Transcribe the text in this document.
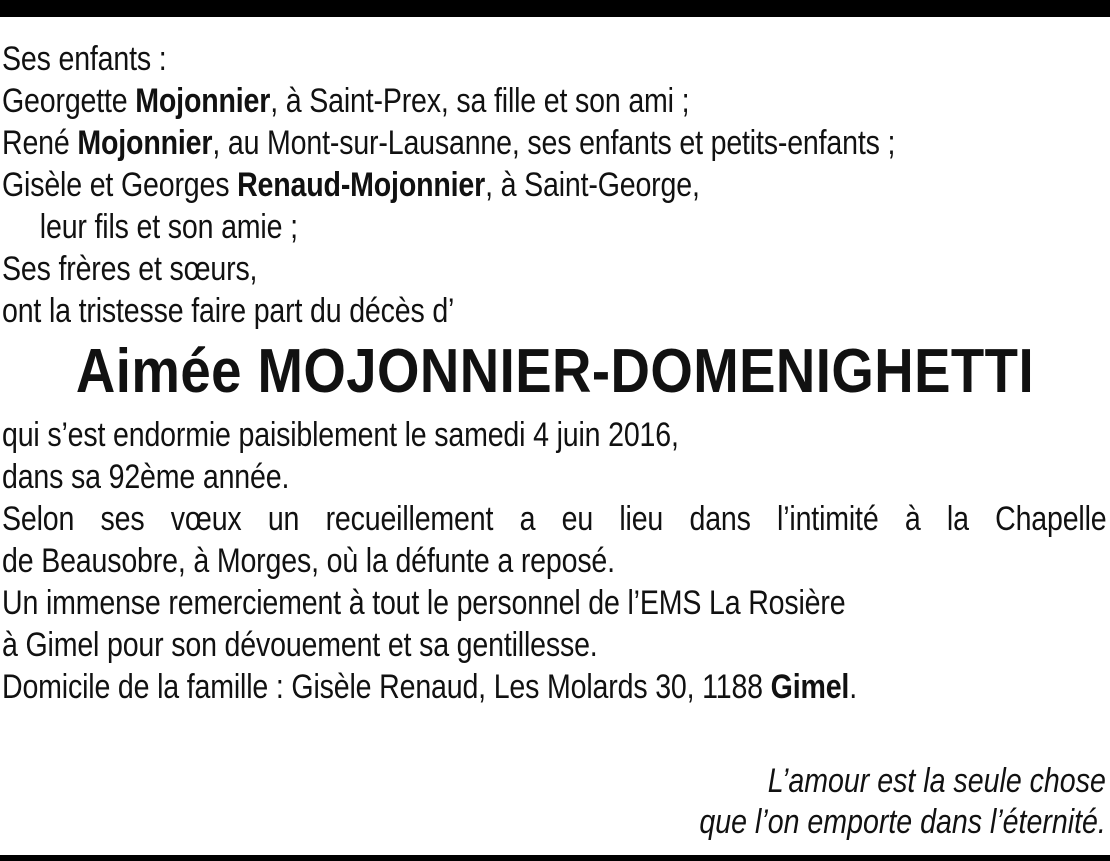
Ses enfants :
Georgette Mojonnier, à Saint-Prex, sa fille et son ami ;
René Mojonnier, au Mont-sur-Lausanne, ses enfants et petits-enfants ;
Gisèle et Georges Renaud-Mojonnier, à Saint-George,
leur fils et son amie ;
Ses frères et sœurs,
ont la tristesse faire part du décès d’
Aimée MOJONNIER-DOMENIGHETTI
qui s’est endormie paisiblement le samedi 4 juin 2016,
dans sa 92ème année.
Selon ses vœux un recueillement a eu lieu dans l’intimité à la Chapelle
de Beausobre, à Morges, où la défunte a reposé.
Un immense remerciement à tout le personnel de l’EMS La Rosière
à Gimel pour son dévouement et sa gentillesse.
Domicile de la famille : Gisèle Renaud, Les Molards 30, 1188 Gimel.
L’amour est la seule chose
que l’on emporte dans l’éternité.
